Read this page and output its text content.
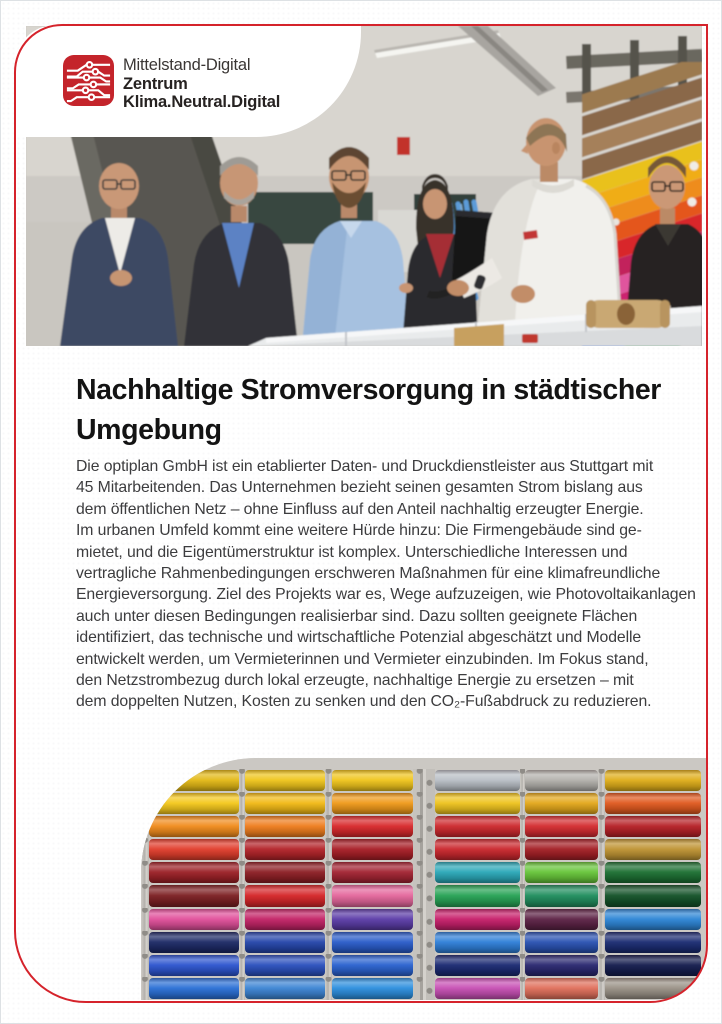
Mittelstand-Digital
Zentrum
Klima.Neutral.Digital
Nachhaltige Stromversorgung in städtischer
Umgebung
Die optiplan GmbH ist ein etablierter Daten- und Druckdienstleister aus Stuttgart mit
45 Mitarbeitenden. Das Unternehmen bezieht seinen gesamten Strom bislang aus
dem öffentlichen Netz – ohne Einfluss auf den Anteil nachhaltig erzeugter Energie.
Im urbanen Umfeld kommt eine weitere Hürde hinzu: Die Firmengebäude sind ge-
mietet, und die Eigentümerstruktur ist komplex. Unterschiedliche Interessen und
vertragliche Rahmenbedingungen erschweren Maßnahmen für eine klimafreundliche
Energieversorgung. Ziel des Projekts war es, Wege aufzuzeigen, wie Photovoltaikanlagen
auch unter diesen Bedingungen realisierbar sind. Dazu sollten geeignete Flächen
identifiziert, das technische und wirtschaftliche Potenzial abgeschätzt und Modelle
entwickelt werden, um Vermieterinnen und Vermieter einzubinden. Im Fokus stand,
den Netzstrombezug durch lokal erzeugte, nachhaltige Energie zu ersetzen – mit
dem doppelten Nutzen, Kosten zu senken und den CO₂-Fußabdruck zu reduzieren.
